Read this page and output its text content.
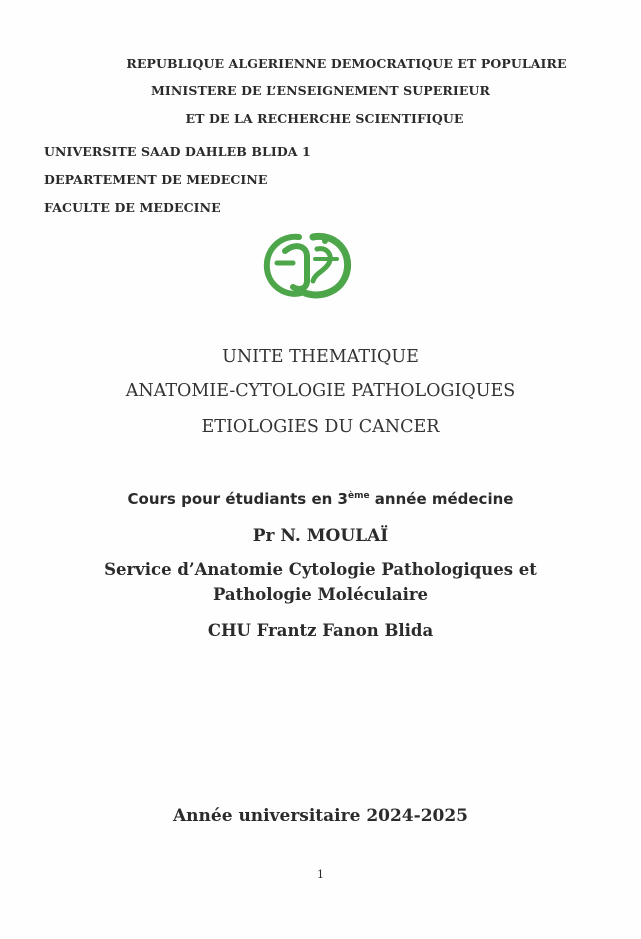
REPUBLIQUE ALGERIENNE DEMOCRATIQUE ET POPULAIRE
MINISTERE DE L’ENSEIGNEMENT SUPERIEUR
ET DE LA RECHERCHE SCIENTIFIQUE
UNIVERSITE SAAD DAHLEB BLIDA 1
DEPARTEMENT DE MEDECINE
FACULTE DE MEDECINE
UNITE THEMATIQUE
ANATOMIE-CYTOLOGIE PATHOLOGIQUES
ETIOLOGIES DU CANCER
Cours pour étudiants en 3ème année médecine
Pr N. MOULAÏ
Service d’Anatomie Cytologie Pathologiques et
Pathologie Moléculaire
CHU Frantz Fanon Blida
Année universitaire 2024-2025
1
